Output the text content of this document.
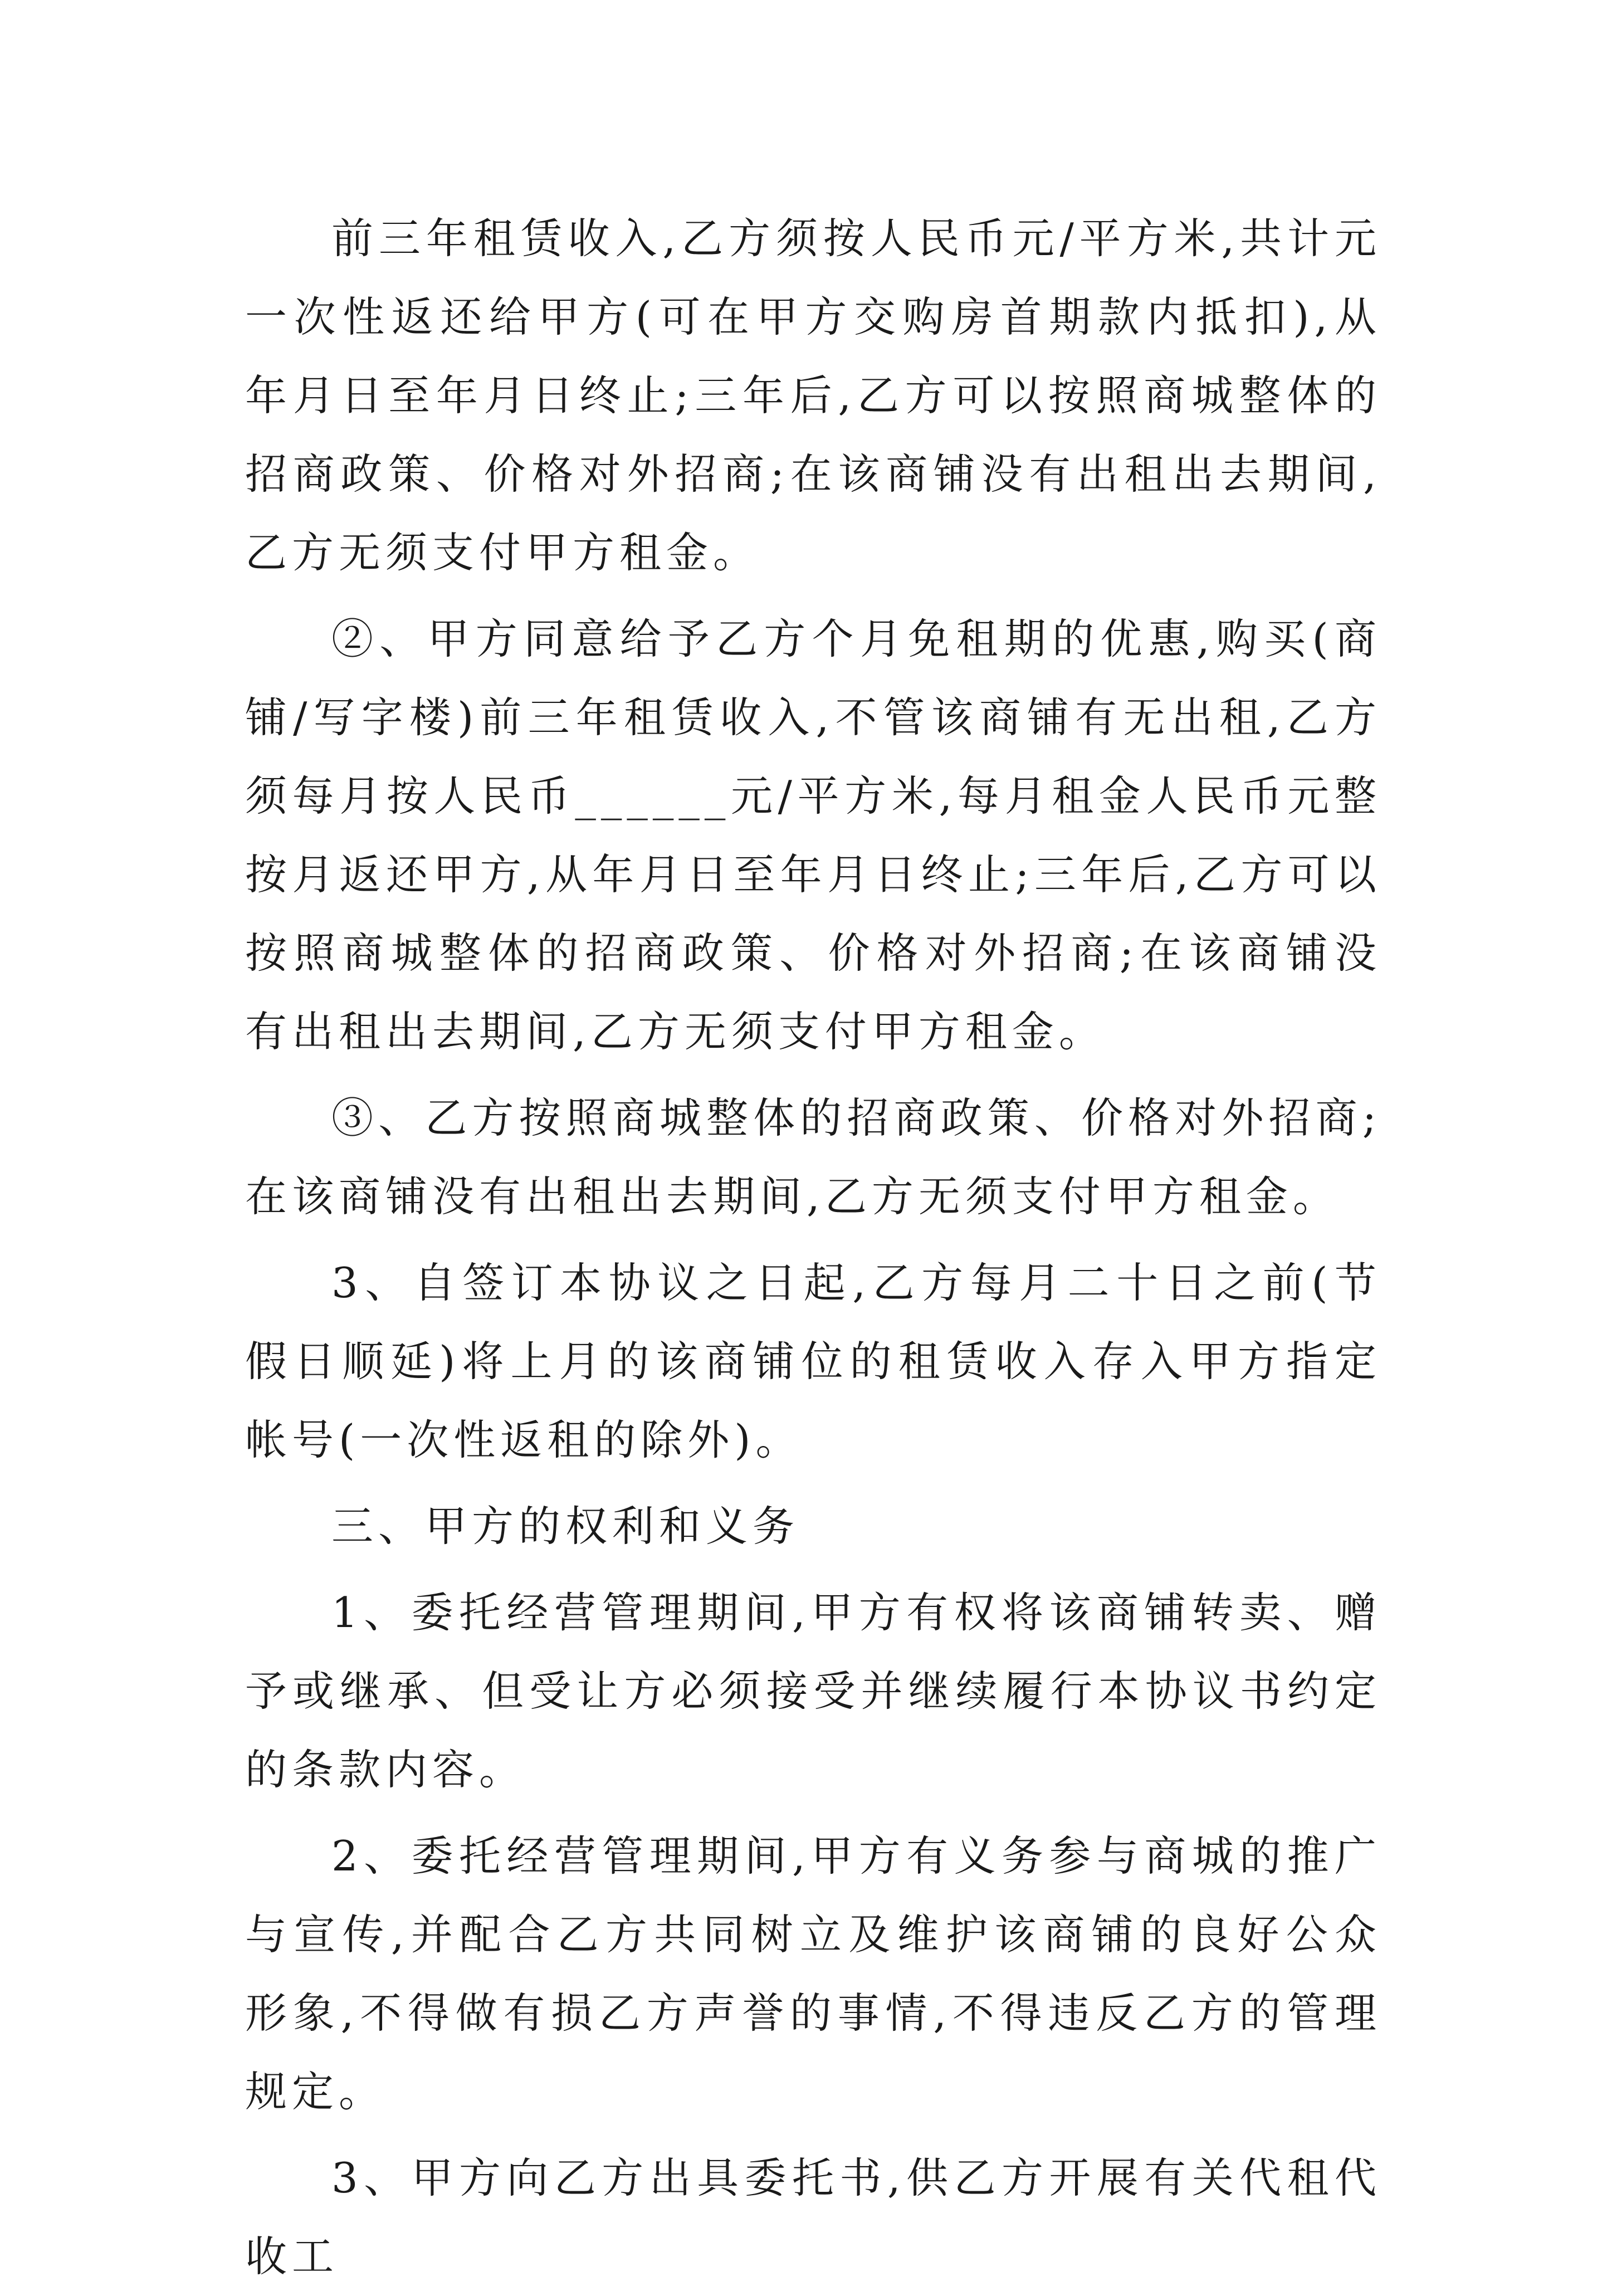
前三年租赁收入,乙方须按人民币元/平方米,共计元一次性返还给甲方(可在甲方交购房首期款内抵扣),从年月日至年月日终止;三年后,乙方可以按照商城整体的招商政策、价格对外招商;在该商铺没有出租出去期间,乙方无须支付甲方租金。

②、甲方同意给予乙方个月免租期的优惠,购买(商铺/写字楼)前三年租赁收入,不管该商铺有无出租,乙方须每月按人民币______元/平方米,每月租金人民币元整按月返还甲方,从年月日至年月日终止;三年后,乙方可以按照商城整体的招商政策、价格对外招商;在该商铺没有出租出去期间,乙方无须支付甲方租金。

③、乙方按照商城整体的招商政策、价格对外招商;在该商铺没有出租出去期间,乙方无须支付甲方租金。

3、自签订本协议之日起,乙方每月二十日之前(节假日顺延)将上月的该商铺位的租赁收入存入甲方指定帐号(一次性返租的除外)。

三、甲方的权利和义务

1、委托经营管理期间,甲方有权将该商铺转卖、赠予或继承、但受让方必须接受并继续履行本协议书约定的条款内容。

2、委托经营管理期间,甲方有义务参与商城的推广与宣传,并配合乙方共同树立及维护该商铺的良好公众形象,不得做有损乙方声誉的事情,不得违反乙方的管理规定。

3、甲方向乙方出具委托书,供乙方开展有关代租代收工
